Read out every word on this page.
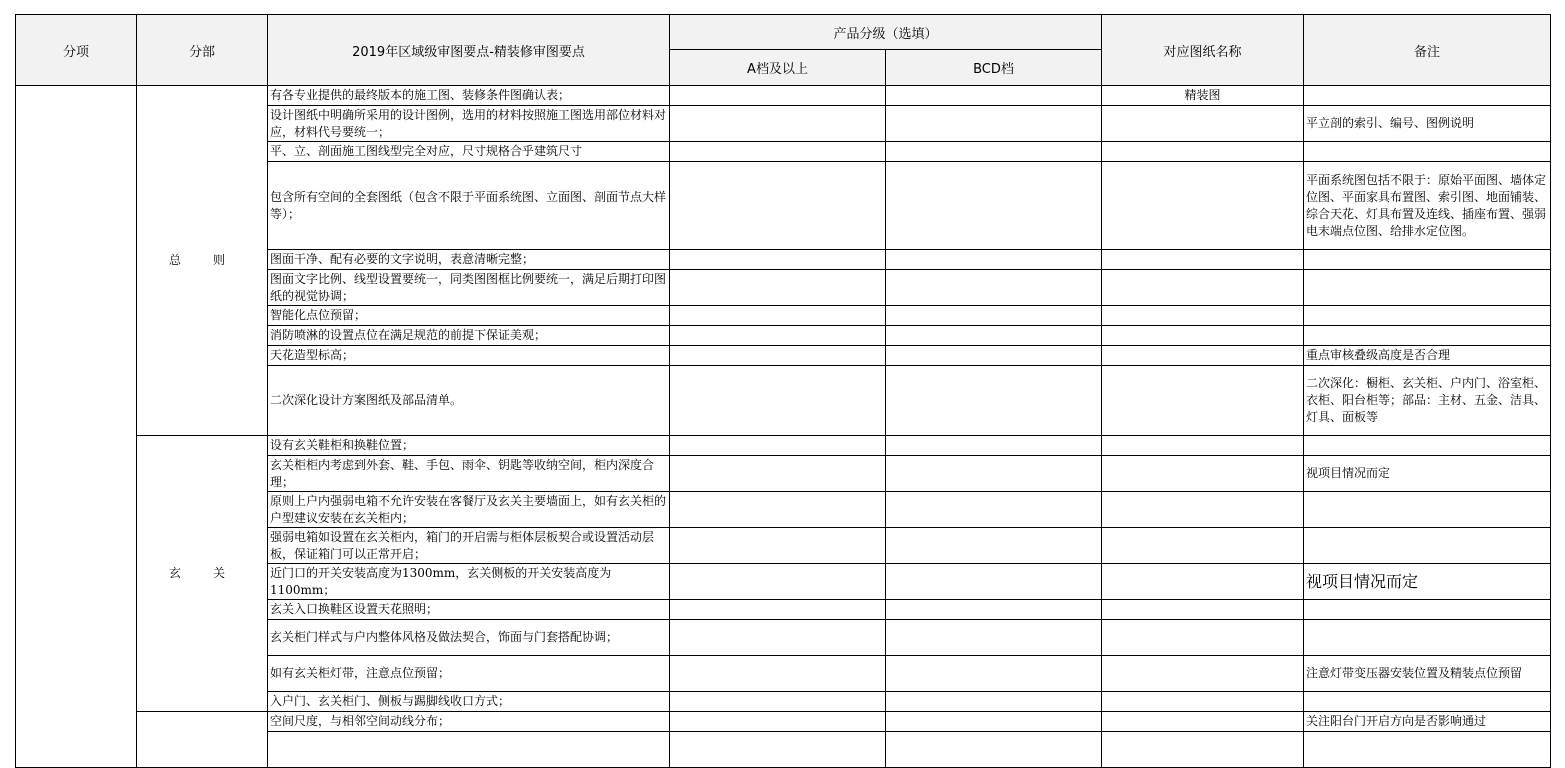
分项	分部	2019年区域级审图要点-精装修审图要点	产品分级（选填）		对应图纸名称	备注
			A档及以上	BCD档		
	总　则	有各专业提供的最终版本的施工图、装修条件图确认表；			精装图	
		设计图纸中明确所采用的设计图例，选用的材料按照施工图选用部位材料对应，材料代号要统一；				平立剖的索引、编号、图例说明
		平、立、剖面施工图线型完全对应，尺寸规格合乎建筑尺寸				
		包含所有空间的全套图纸（包含不限于平面系统图、立面图、剖面节点大样等）；				平面系统图包括不限于：原始平面图、墙体定位图、平面家具布置图、索引图、地面铺装、综合天花、灯具布置及连线、插座布置、强弱电末端点位图、给排水定位图。
		图面干净、配有必要的文字说明，表意清晰完整；				
		图面文字比例、线型设置要统一，同类图图框比例要统一，满足后期打印图纸的视觉协调；				
		智能化点位预留；				
		消防喷淋的设置点位在满足规范的前提下保证美观；				
		天花造型标高；				重点审核叠级高度是否合理
		二次深化设计方案图纸及部品清单。				二次深化：橱柜、玄关柜、户内门、浴室柜、衣柜、阳台柜等；部品：主材、五金、洁具、灯具、面板等
	玄　关	设有玄关鞋柜和换鞋位置；				
		玄关柜柜内考虑到外套、鞋、手包、雨伞、钥匙等收纳空间，柜内深度合理；				视项目情况而定
		原则上户内强弱电箱不允许安装在客餐厅及玄关主要墙面上，如有玄关柜的户型建议安装在玄关柜内；				
		强弱电箱如设置在玄关柜内，箱门的开启需与柜体层板契合或设置活动层板，保证箱门可以正常开启；				
		近门口的开关安装高度为1300mm，玄关侧板的开关安装高度为1100mm；				视项目情况而定
		玄关入口换鞋区设置天花照明；				
		玄关柜门样式与户内整体风格及做法契合，饰面与门套搭配协调；				
		如有玄关柜灯带，注意点位预留；				注意灯带变压器安装位置及精装点位预留
		入户门、玄关柜门、侧板与踢脚线收口方式；				
		空间尺度，与相邻空间动线分布；				关注阳台门开启方向是否影响通过
